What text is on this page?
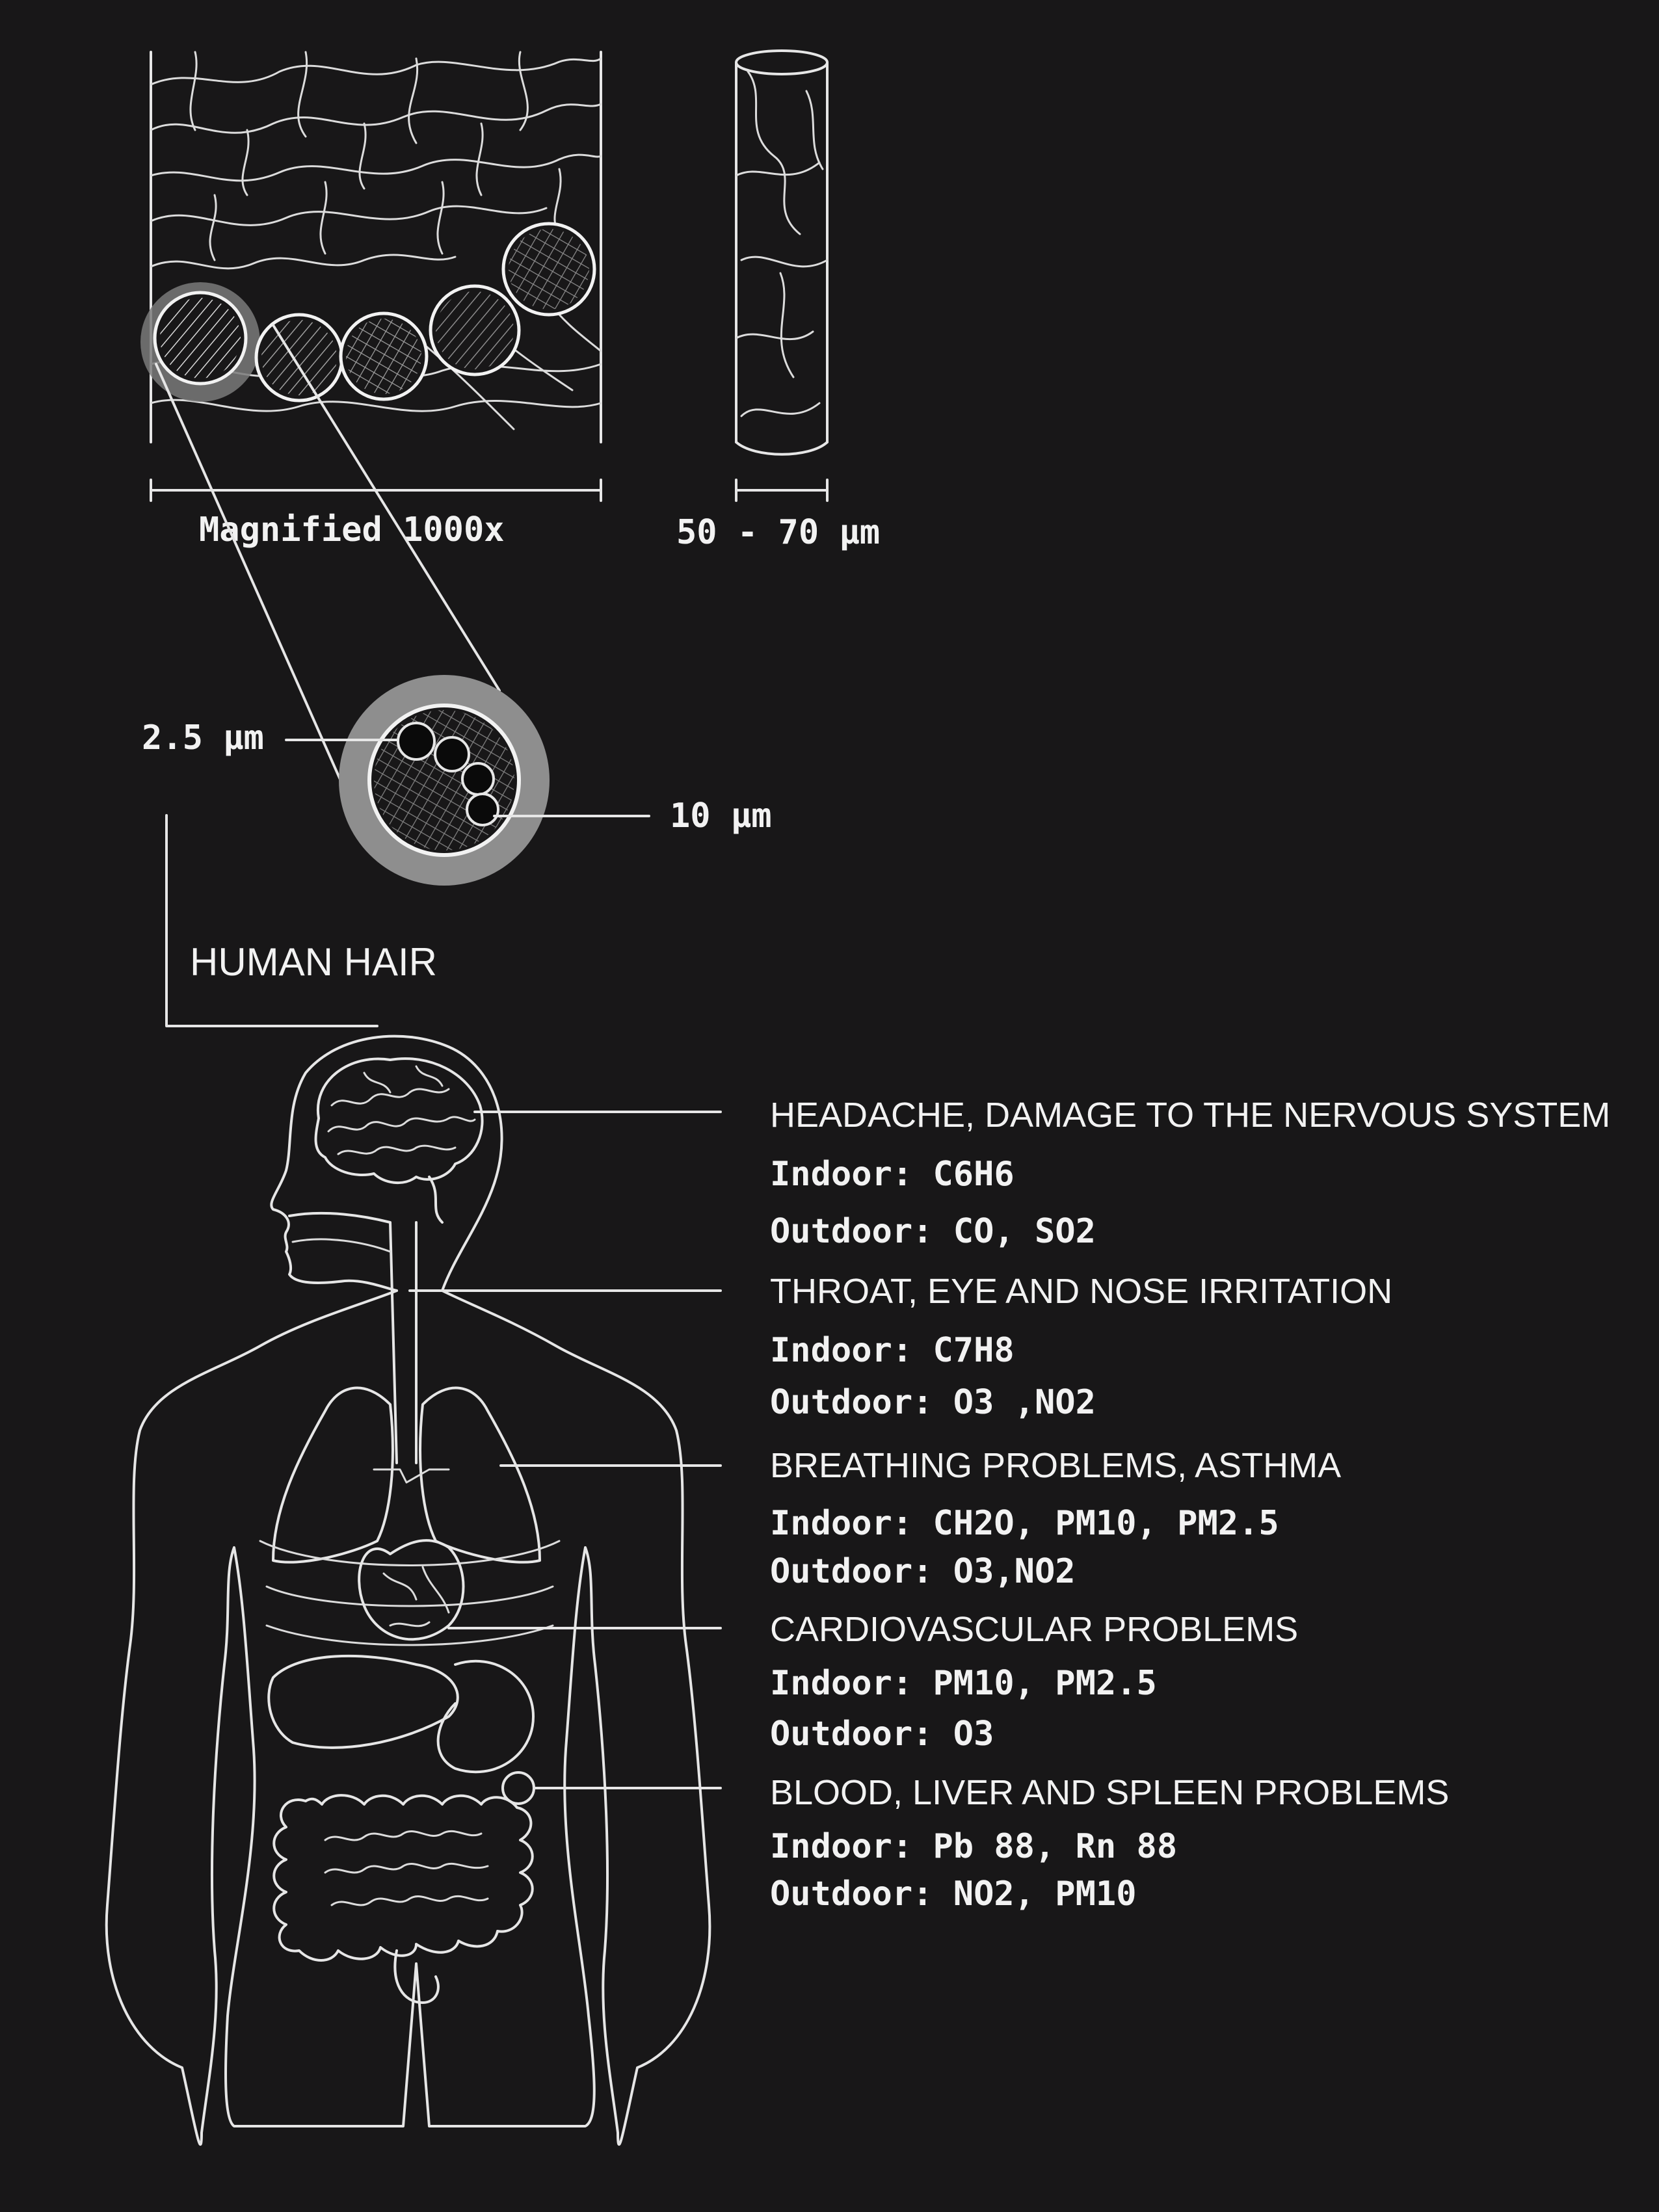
Magnified 1000x	50 - 70 µm
2.5 µm
10 µm
HUMAN HAIR
HEADACHE, DAMAGE TO THE NERVOUS SYSTEM
Indoor: C6H6
Outdoor: CO, SO2
THROAT, EYE AND NOSE IRRITATION
Indoor: C7H8
Outdoor: O3 ,NO2
BREATHING PROBLEMS, ASTHMA
Indoor: CH2O, PM10, PM2.5
Outdoor: O3,NO2
CARDIOVASCULAR PROBLEMS
Indoor: PM10, PM2.5
Outdoor: O3
BLOOD, LIVER AND SPLEEN PROBLEMS
Indoor: Pb 88, Rn 88
Outdoor: NO2, PM10
